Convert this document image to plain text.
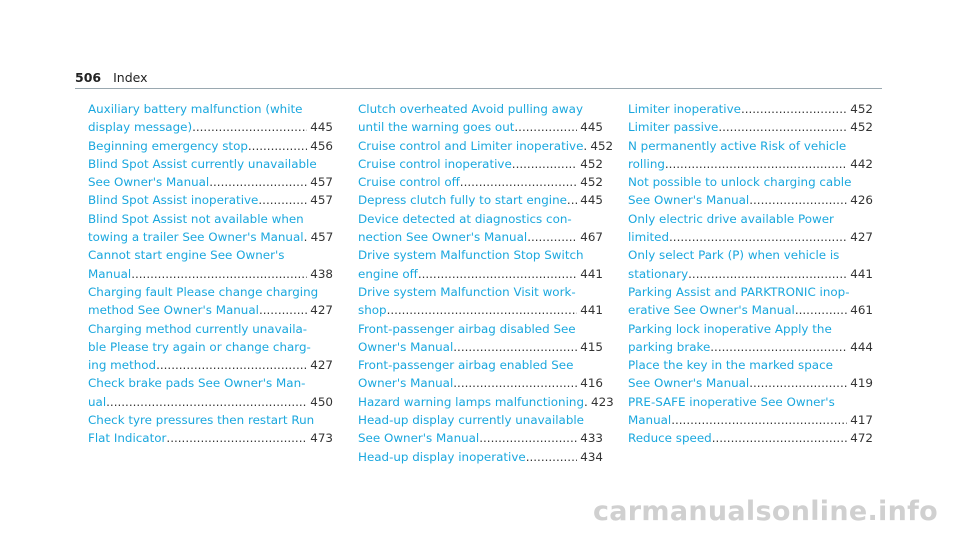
506 Index
Auxiliary battery malfunction (white
display message) .....	445
Beginning emergency stop .....	456
Blind Spot Assist currently unavailable
See Owner's Manual .....	457
Blind Spot Assist inoperative .....	457
Blind Spot Assist not available when
towing a trailer See Owner's Manual ..... 457
Cannot start engine See Owner's
Manual .....	438
Charging fault Please change charging
method See Owner's Manual .....	427
Charging method currently unavaila-
ble Please try again or change charg-
ing method .....	427
Check brake pads See Owner's Man-
ual .....	450
Check tyre pressures then restart Run
Flat Indicator .....	473
Clutch overheated Avoid pulling away
until the warning goes out .....	445
Cruise control and Limiter inoperative ..... 452
Cruise control inoperative .....	452
Cruise control off .....	452
Depress clutch fully to start engine ..... 445
Device detected at diagnostics con-
nection See Owner's Manual .....	467
Drive system Malfunction Stop Switch
engine off .....	441
Drive system Malfunction Visit work-
shop .....	441
Front-passenger airbag disabled See
Owner's Manual .....	415
Front-passenger airbag enabled See
Owner's Manual .....	416
Hazard warning lamps malfunctioning ..... 423
Head-up display currently unavailable
See Owner's Manual .....	433
Head-up display inoperative .....	434
Limiter inoperative .....	452
Limiter passive .....	452
N permanently active Risk of vehicle
rolling .....	442
Not possible to unlock charging cable
See Owner's Manual .....	426
Only electric drive available Power
limited .....	427
Only select Park (P) when vehicle is
stationary .....	441
Parking Assist and PARKTRONIC inop-
erative See Owner's Manual .....	461
Parking lock inoperative Apply the
parking brake .....	444
Place the key in the marked space
See Owner's Manual .....	419
PRE-SAFE inoperative See Owner's
Manual .....	417
Reduce speed .....	472
carmanualsonline.info
